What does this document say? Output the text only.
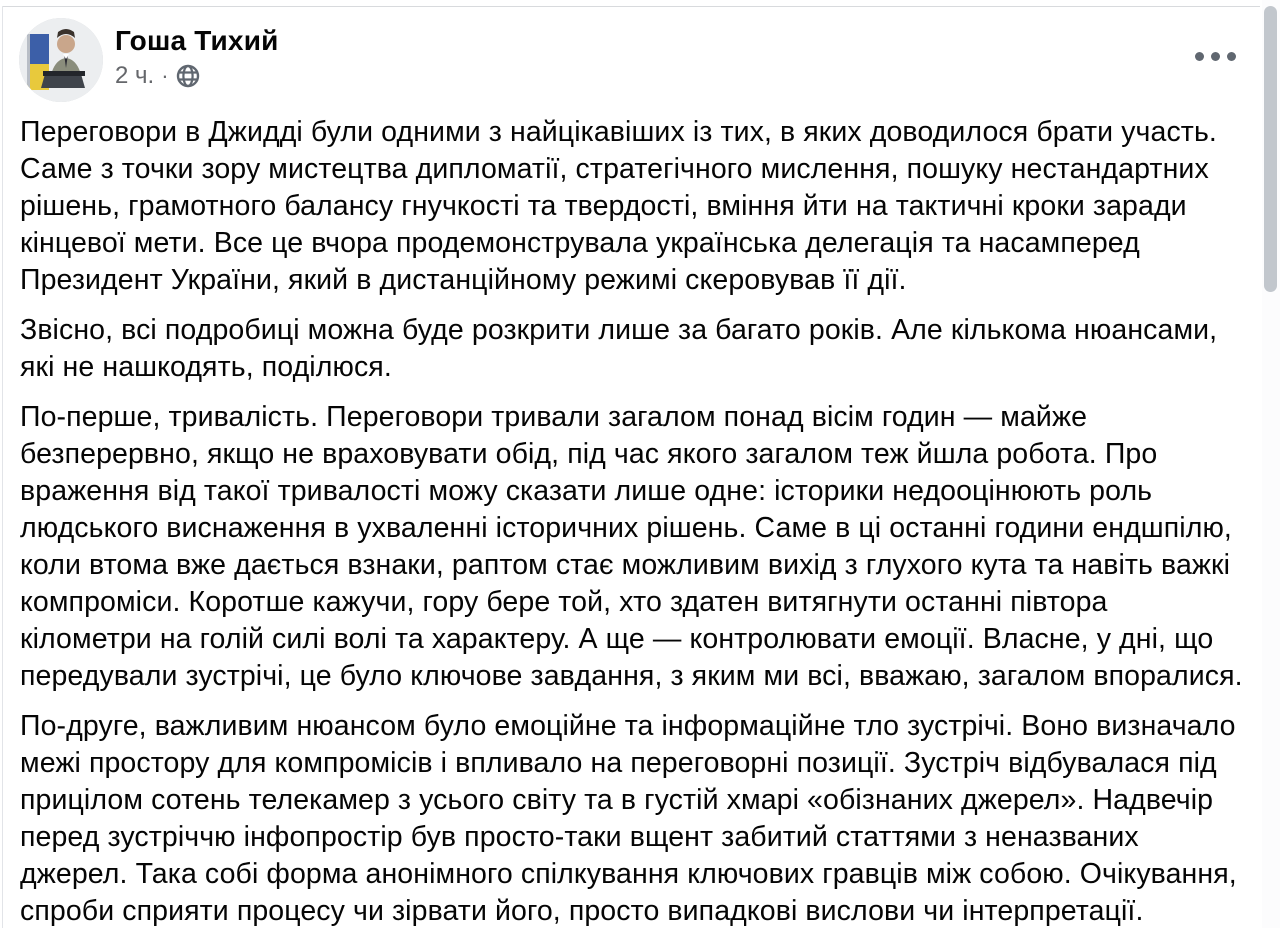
Гоша Тихий
2 ч. ·

Переговори в Джидді були одними з найцікавіших із тих, в яких доводилося брати участь. Саме з точки зору мистецтва дипломатії, стратегічного мислення, пошуку нестандартних рішень, грамотного балансу гнучкості та твердості, вміння йти на тактичні кроки заради кінцевої мети. Все це вчора продемонструвала українська делегація та насамперед Президент України, який в дистанційному режимі скеровував її дії.

Звісно, всі подробиці можна буде розкрити лише за багато років. Але кількома нюансами, які не нашкодять, поділюся.

По-перше, тривалість. Переговори тривали загалом понад вісім годин — майже безперервно, якщо не враховувати обід, під час якого загалом теж йшла робота. Про враження від такої тривалості можу сказати лише одне: історики недооцінюють роль людського виснаження в ухваленні історичних рішень. Саме в ці останні години ендшпілю, коли втома вже дається взнаки, раптом стає можливим вихід з глухого кута та навіть важкі компроміси. Коротше кажучи, гору бере той, хто здатен витягнути останні півтора кілометри на голій силі волі та характеру. А ще — контролювати емоції. Власне, у дні, що передували зустрічі, це було ключове завдання, з яким ми всі, вважаю, загалом впоралися.

По-друге, важливим нюансом було емоційне та інформаційне тло зустрічі. Воно визначало межі простору для компромісів і впливало на переговорні позиції. Зустріч відбувалася під прицілом сотень телекамер з усього світу та в густій хмарі «обізнаних джерел». Надвечір перед зустріччю інфопростір був просто-таки вщент забитий статтями з неназваних джерел. Така собі форма анонімного спілкування ключових гравців між собою. Очікування, спроби сприяти процесу чи зірвати його, просто випадкові вислови чи інтерпретації.
